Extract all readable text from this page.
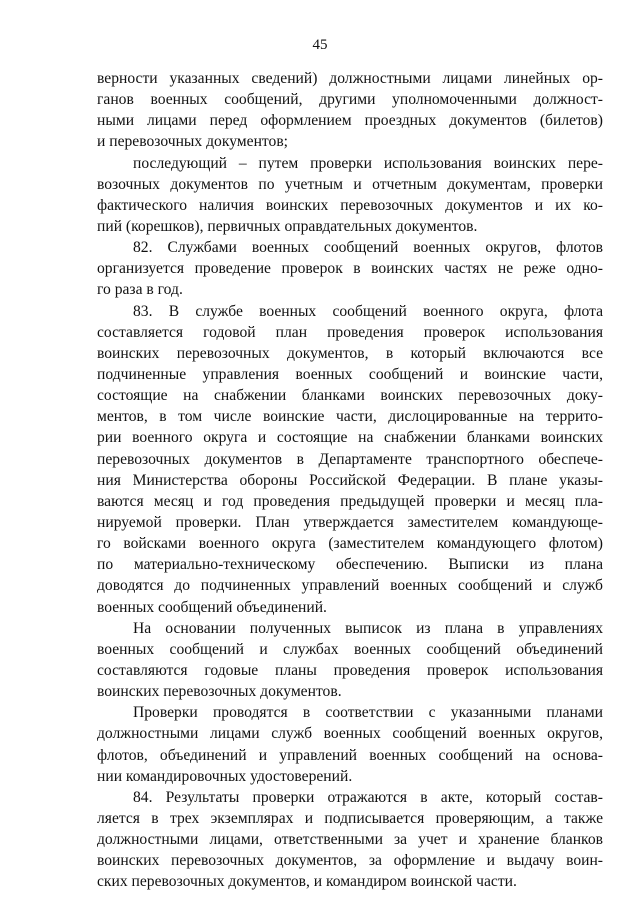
45
верности указанных сведений) должностными лицами линейных ор-
ганов военных сообщений, другими уполномоченными должност-
ными лицами перед оформлением проездных документов (билетов)
и перевозочных документов;
последующий – путем проверки использования воинских пере-
возочных документов по учетным и отчетным документам, проверки
фактического наличия воинских перевозочных документов и их ко-
пий (корешков), первичных оправдательных документов.
82. Службами военных сообщений военных округов, флотов
организуется проведение проверок в воинских частях не реже одно-
го раза в год.
83. В службе военных сообщений военного округа, флота
составляется годовой план проведения проверок использования
воинских перевозочных документов, в который включаются все
подчиненные управления военных сообщений и воинские части,
состоящие на снабжении бланками воинских перевозочных доку-
ментов, в том числе воинские части, дислоцированные на террито-
рии военного округа и состоящие на снабжении бланками воинских
перевозочных документов в Департаменте транспортного обеспече-
ния Министерства обороны Российской Федерации. В плане указы-
ваются месяц и год проведения предыдущей проверки и месяц пла-
нируемой проверки. План утверждается заместителем командующе-
го войсками военного округа (заместителем командующего флотом)
по материально-техническому обеспечению. Выписки из плана
доводятся до подчиненных управлений военных сообщений и служб
военных сообщений объединений.
На основании полученных выписок из плана в управлениях
военных сообщений и службах военных сообщений объединений
составляются годовые планы проведения проверок использования
воинских перевозочных документов.
Проверки проводятся в соответствии с указанными планами
должностными лицами служб военных сообщений военных округов,
флотов, объединений и управлений военных сообщений на основа-
нии командировочных удостоверений.
84. Результаты проверки отражаются в акте, который состав-
ляется в трех экземплярах и подписывается проверяющим, а также
должностными лицами, ответственными за учет и хранение бланков
воинских перевозочных документов, за оформление и выдачу воин-
ских перевозочных документов, и командиром воинской части.
